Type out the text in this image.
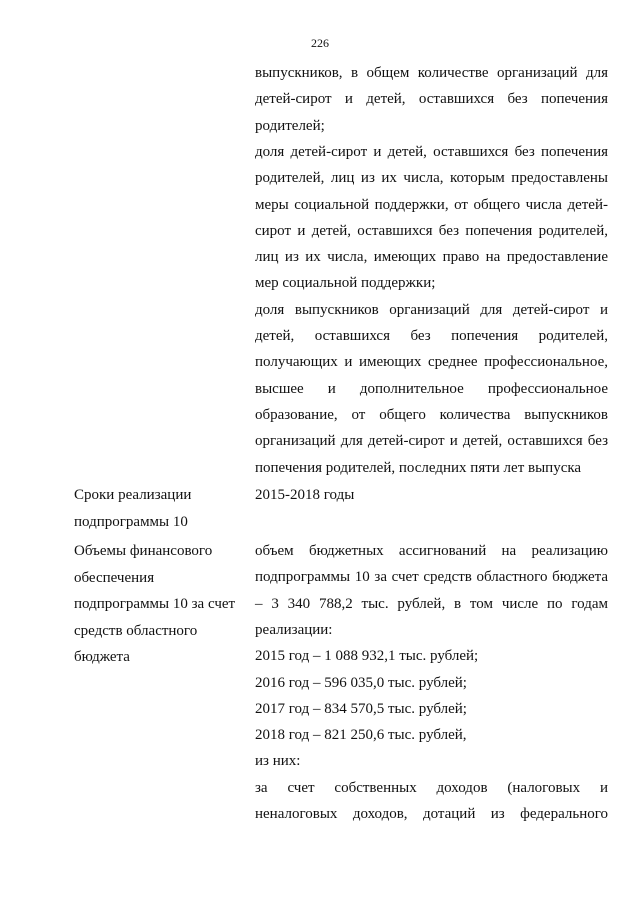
226
выпускников, в общем количестве организаций для
детей-сирот и детей, оставшихся без попечения
родителей;
доля детей-сирот и детей, оставшихся без попечения
родителей, лиц из их числа, которым предоставлены
меры социальной поддержки, от общего числа детей-
сирот и детей, оставшихся без попечения родителей,
лиц из их числа, имеющих право на предоставление
мер социальной поддержки;
доля выпускников организаций для детей-сирот и
детей, оставшихся без попечения родителей,
получающих и имеющих среднее профессиональное,
высшее и дополнительное профессиональное
образование, от общего количества выпускников
организаций для детей-сирот и детей, оставшихся без
попечения родителей, последних пяти лет выпуска
Сроки реализации
подпрограммы 10
2015-2018 годы
Объемы финансового
обеспечения
подпрограммы 10 за счет
средств областного
бюджета
объем бюджетных ассигнований на реализацию
подпрограммы 10 за счет средств областного бюджета
– 3 340 788,2 тыс. рублей, в том числе по годам
реализации:
2015 год – 1 088 932,1 тыс. рублей;
2016 год – 596 035,0 тыс. рублей;
2017 год – 834 570,5 тыс. рублей;
2018 год – 821 250,6 тыс. рублей,
из них:
за счет собственных доходов (налоговых и
неналоговых доходов, дотаций из федерального
